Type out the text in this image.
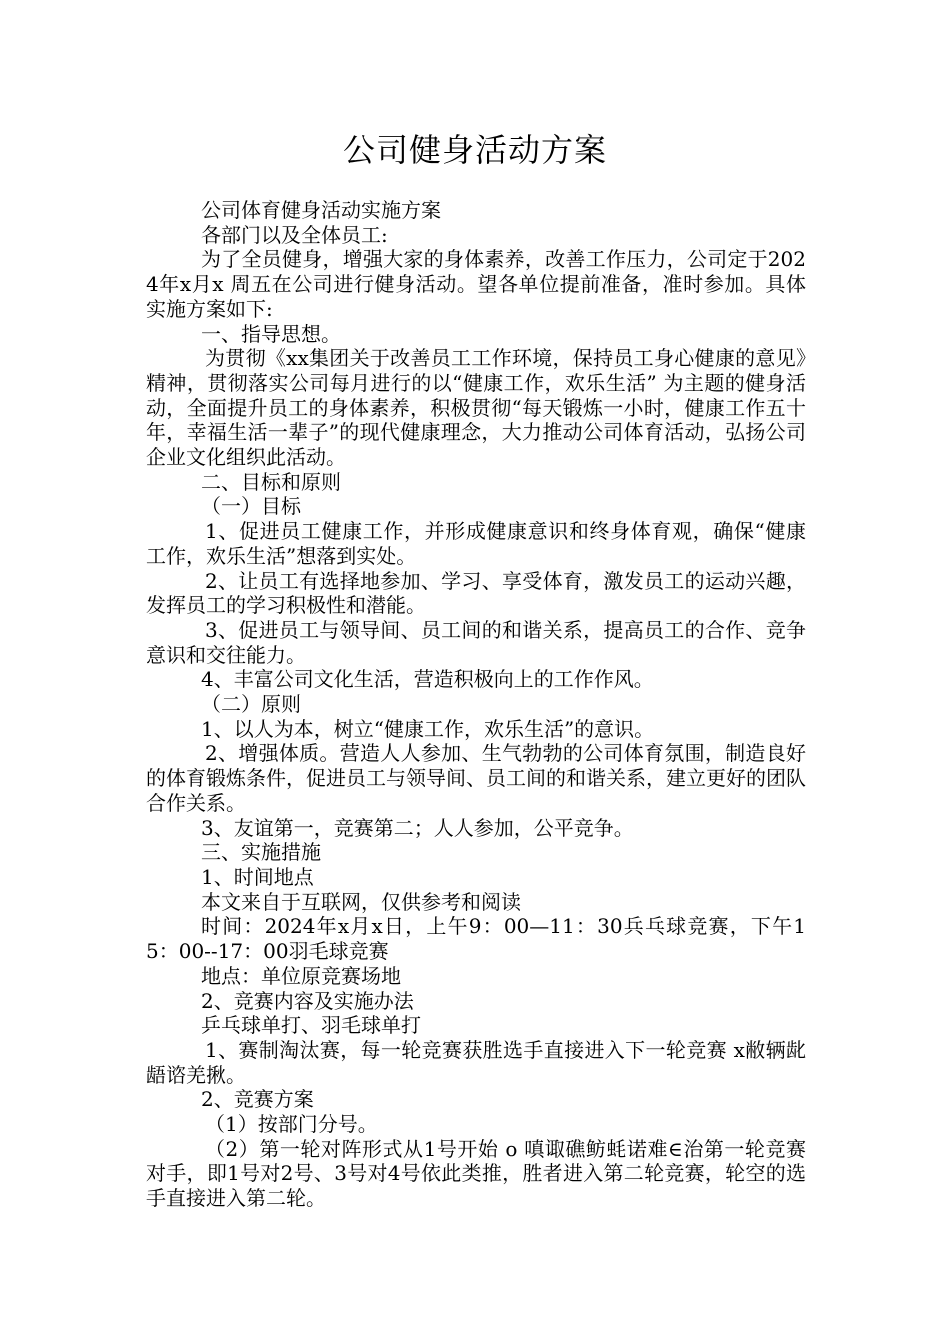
公司健身活动方案

公司体育健身活动实施方案

各部门以及全体员工:

为了全员健身，增强大家的身体素养，改善工作压力，公司定于2024年x月x 周五在公司进行健身活动。望各单位提前准备，准时参加。具体实施方案如下:

一、指导思想。

为贯彻《xx集团关于改善员工工作环境，保持员工身心健康的意见》精神，贯彻落实公司每月进行的以“健康工作，欢乐生活” 为主题的健身活动，全面提升员工的身体素养，积极贯彻“每天锻炼一小时，健康工作五十年，幸福生活一辈子”的现代健康理念，大力推动公司体育活动，弘扬公司企业文化组织此活动。

二、目标和原则

（一）目标

1、促进员工健康工作，并形成健康意识和终身体育观，确保“健康工作，欢乐生活”想落到实处。

2、让员工有选择地参加、学习、享受体育，激发员工的运动兴趣，发挥员工的学习积极性和潜能。

3、促进员工与领导间、员工间的和谐关系，提高员工的合作、竞争意识和交往能力。

4、丰富公司文化生活，营造积极向上的工作作风。

（二）原则

1、以人为本，树立“健康工作，欢乐生活”的意识。

2、增强体质。营造人人参加、生气勃勃的公司体育氛围，制造良好的体育锻炼条件，促进员工与领导间、员工间的和谐关系，建立更好的团队合作关系。

3、友谊第一，竞赛第二；人人参加，公平竞争。

三、实施措施

1、时间地点

本文来自于互联网，仅供参考和阅读

时间：2024年x月x日，上午9：00—11：30兵乓球竞赛，下午15：00--17：00羽毛球竞赛

地点：单位原竞赛场地

2、竞赛内容及实施办法

乒乓球单打、羽毛球单打

1、赛制淘汰赛，每一轮竞赛获胜选手直接进入下一轮竞赛 x敝辆龀龉谘羌揪。

2、竞赛方案

（1）按部门分号。

（2）第一轮对阵形式从1号开始 o 嗔诹礁鲂蚝诺难∈治第一轮竞赛对手，即1号对2号、3号对4号依此类推，胜者进入第二轮竞赛，轮空的选手直接进入第二轮。
